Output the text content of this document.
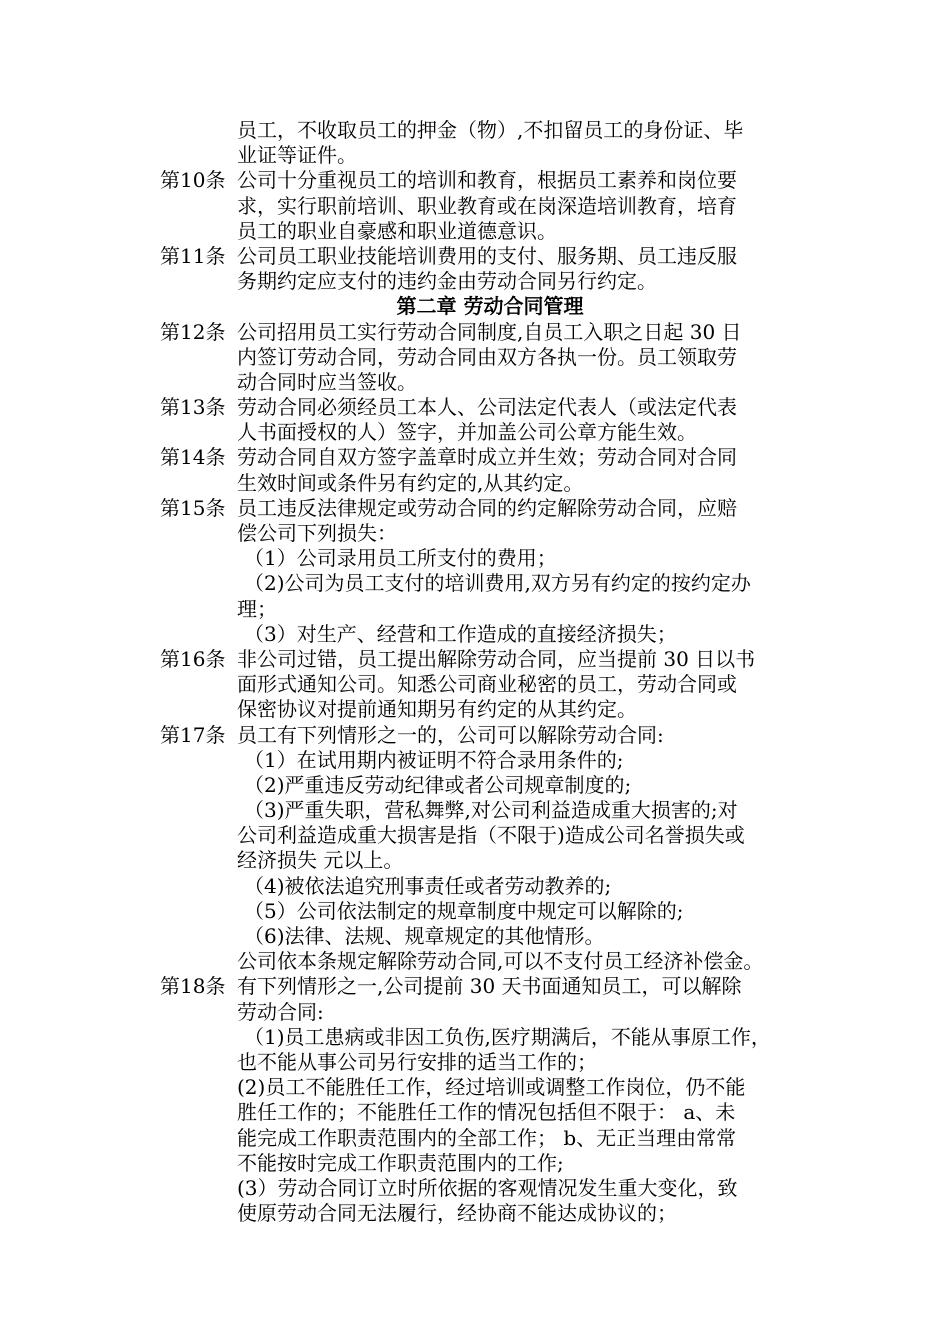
员工，不收取员工的押金（物）,不扣留员工的身份证、毕
业证等证件。
第10条 公司十分重视员工的培训和教育，根据员工素养和岗位要
求，实行职前培训、职业教育或在岗深造培训教育，培育
员工的职业自豪感和职业道德意识。
第11条 公司员工职业技能培训费用的支付、服务期、员工违反服
务期约定应支付的违约金由劳动合同另行约定。
第二章 劳动合同管理
第12条 公司招用员工实行劳动合同制度,自员工入职之日起 30 日
内签订劳动合同，劳动合同由双方各执一份。员工领取劳
动合同时应当签收。
第13条 劳动合同必须经员工本人、公司法定代表人（或法定代表
人书面授权的人）签字，并加盖公司公章方能生效。
第14条 劳动合同自双方签字盖章时成立并生效；劳动合同对合同
生效时间或条件另有约定的,从其约定。
第15条 员工违反法律规定或劳动合同的约定解除劳动合同，应赔
偿公司下列损失：
（1）公司录用员工所支付的费用；
（2)公司为员工支付的培训费用,双方另有约定的按约定办
理；
（3）对生产、经营和工作造成的直接经济损失；
第16条 非公司过错，员工提出解除劳动合同，应当提前 30 日以书
面形式通知公司。知悉公司商业秘密的员工，劳动合同或
保密协议对提前通知期另有约定的从其约定。
第17条 员工有下列情形之一的，公司可以解除劳动合同:
（1）在试用期内被证明不符合录用条件的;
（2)严重违反劳动纪律或者公司规章制度的;
（3)严重失职，营私舞弊,对公司利益造成重大损害的;对
公司利益造成重大损害是指（不限于)造成公司名誉损失或
经济损失 元以上。
（4)被依法追究刑事责任或者劳动教养的;
（5）公司依法制定的规章制度中规定可以解除的;
（6)法律、法规、规章规定的其他情形。
公司依本条规定解除劳动合同,可以不支付员工经济补偿金。
第18条 有下列情形之一,公司提前 30 天书面通知员工，可以解除
劳动合同:
（1)员工患病或非因工负伤,医疗期满后，不能从事原工作，
也不能从事公司另行安排的适当工作的；
(2)员工不能胜任工作，经过培训或调整工作岗位，仍不能
胜任工作的；不能胜任工作的情况包括但不限于： a、未
能完成工作职责范围内的全部工作； b、无正当理由常常
不能按时完成工作职责范围内的工作;
(3）劳动合同订立时所依据的客观情况发生重大变化，致
使原劳动合同无法履行，经协商不能达成协议的；
